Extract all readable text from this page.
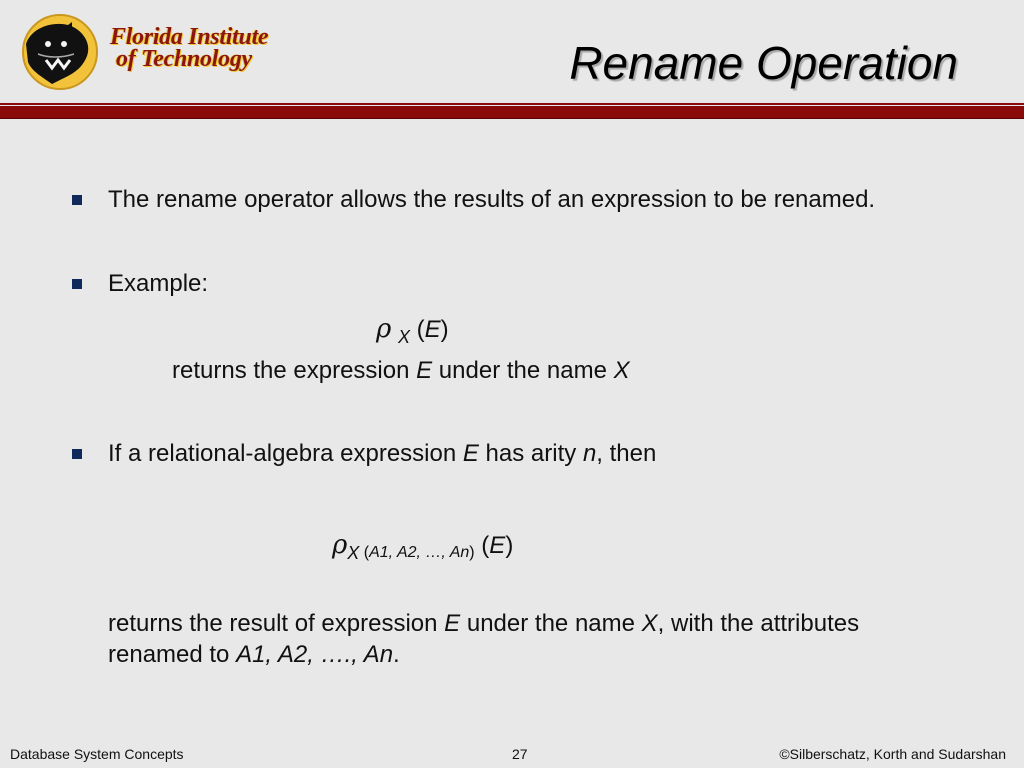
Florida Institute
of Technology	Rename Operation
The rename operator allows the results of an expression to be renamed.
Example:
ρ $_X$ (E)
returns the expression E under the name X
If a relational-algebra expression E has arity n, then
$\rho_X$ (A1, A2, …, An) (E)
returns the result of expression E under the name X, with the attributes
renamed to A1, A2, …., An.
Database System Concepts	27	©Silberschatz, Korth and Sudarshan
